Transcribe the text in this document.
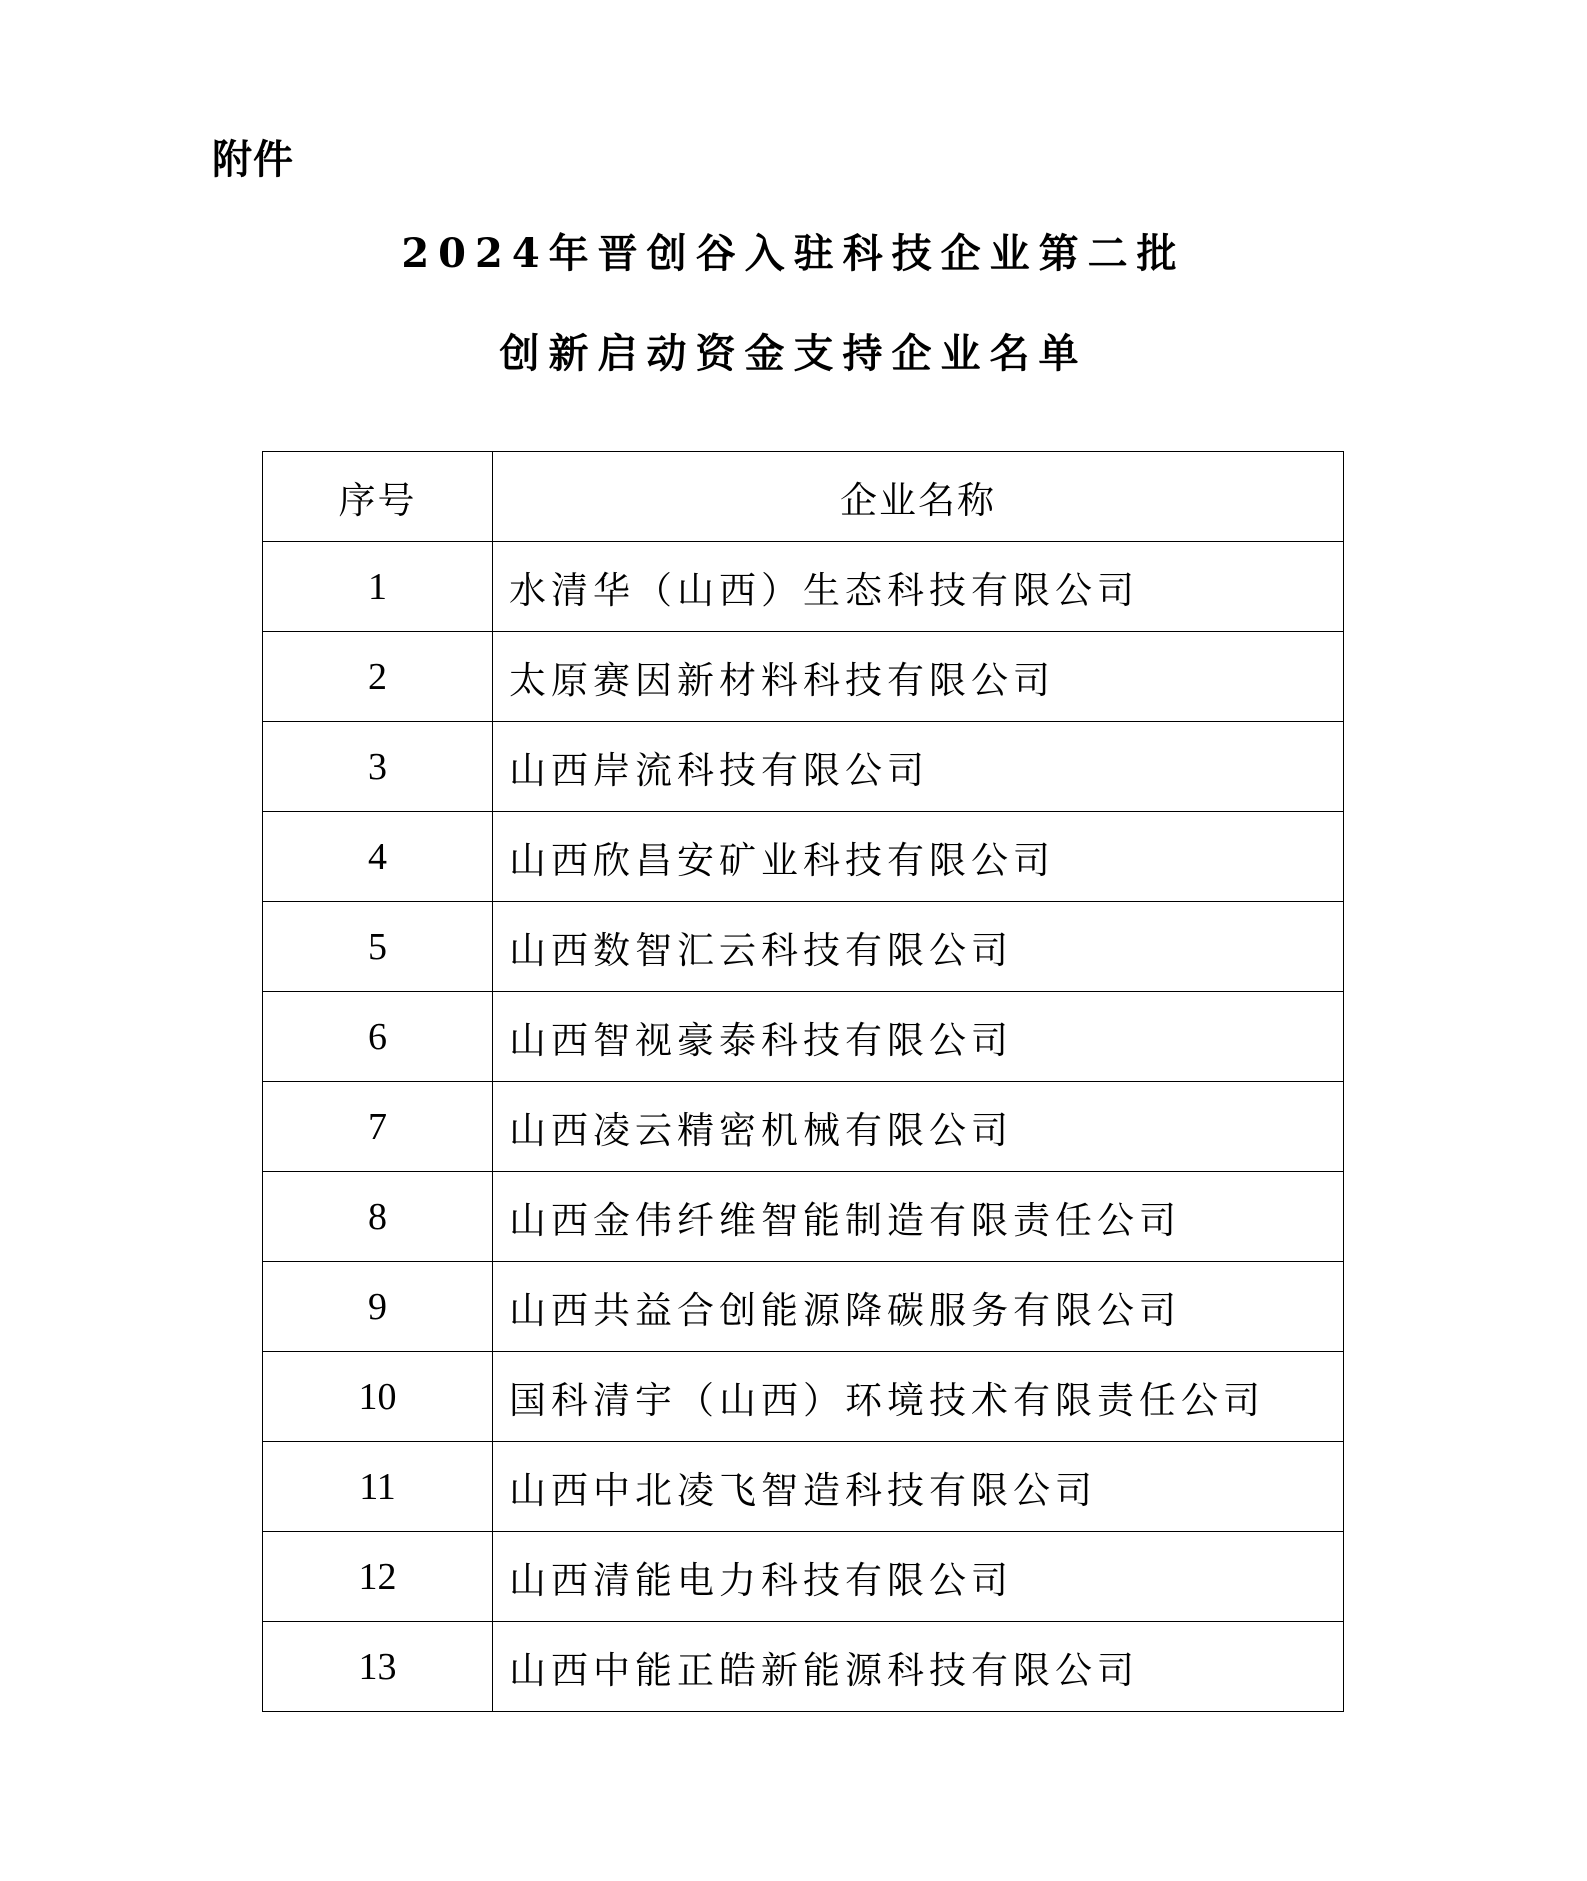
附件
2024年晋创谷入驻科技企业第二批
创新启动资金支持企业名单
序号	企业名称
1	水清华（山西）生态科技有限公司
2	太原赛因新材料科技有限公司
3	山西岸流科技有限公司
4	山西欣昌安矿业科技有限公司
5	山西数智汇云科技有限公司
6	山西智视豪泰科技有限公司
7	山西凌云精密机械有限公司
8	山西金伟纤维智能制造有限责任公司
9	山西共益合创能源降碳服务有限公司
10	国科清宇（山西）环境技术有限责任公司
11	山西中北凌飞智造科技有限公司
12	山西清能电力科技有限公司
13	山西中能正皓新能源科技有限公司
